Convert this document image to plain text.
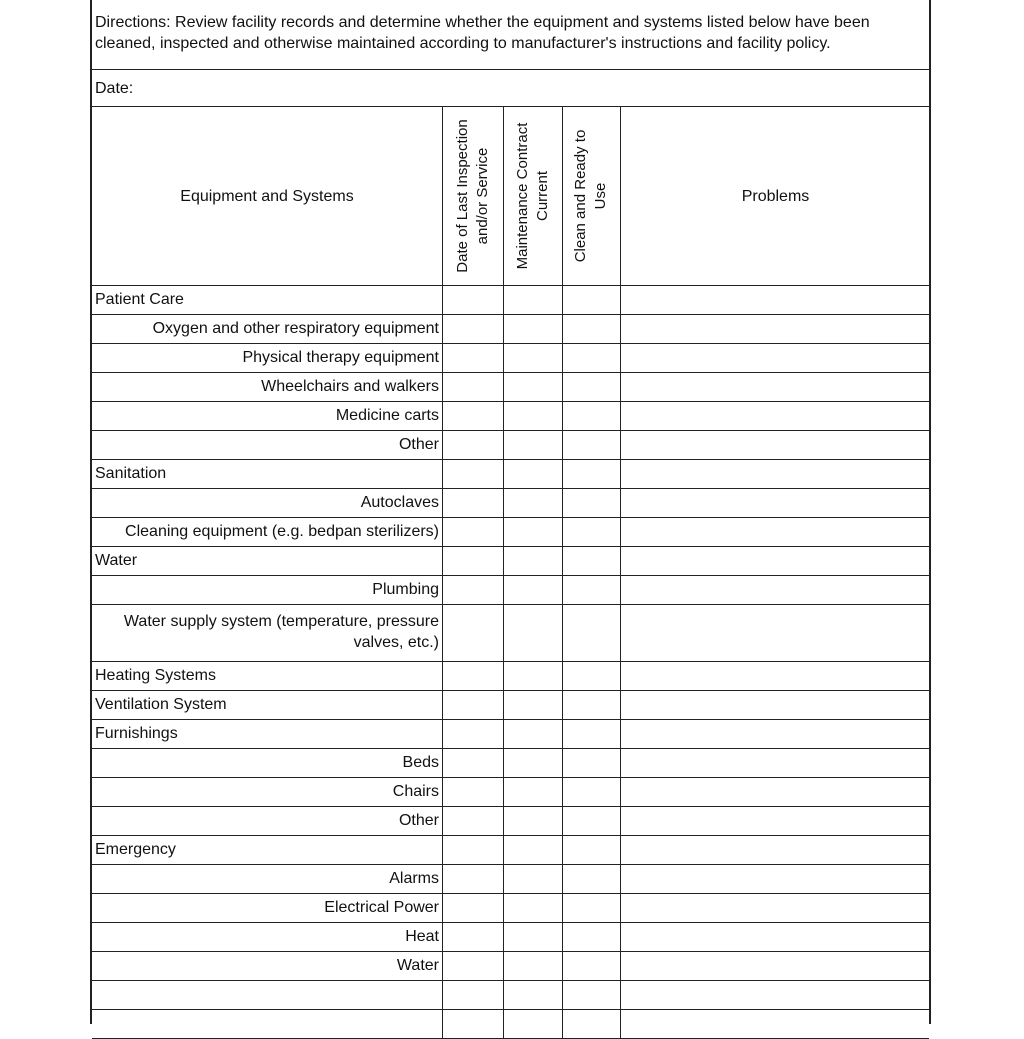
Directions: Review facility records and determine whether the equipment and systems listed below have been
cleaned, inspected and otherwise maintained according to manufacturer's instructions and facility policy.
Date:
Equipment and Systems	Problems
Date of Last Inspection and/or Service Maintenance Contract Current Clean and Ready to Use
Patient Care
Oxygen and other respiratory equipment
Physical therapy equipment
Wheelchairs and walkers
Medicine carts
Other
Sanitation
Autoclaves
Cleaning equipment (e.g. bedpan sterilizers)
Water
Plumbing
Water supply system (temperature, pressure
valves, etc.)
Heating Systems
Ventilation System
Furnishings
Beds
Chairs
Other
Emergency
Alarms
Electrical Power
Heat
Water
